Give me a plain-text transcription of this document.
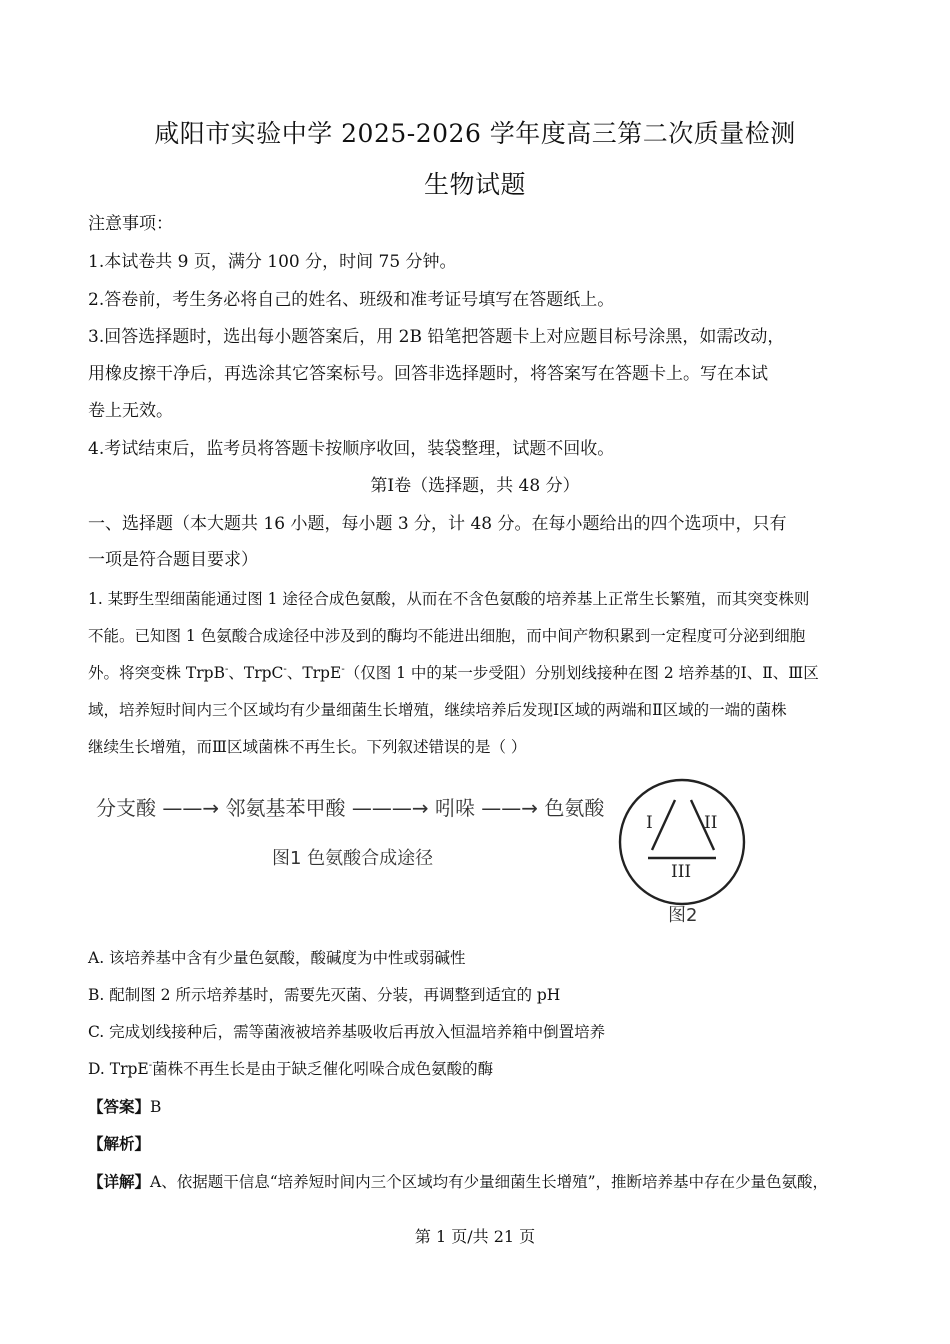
咸阳市实验中学 2025-2026 学年度高三第二次质量检测
生物试题
注意事项：
1.本试卷共 9 页，满分 100 分，时间 75 分钟。
2.答卷前，考生务必将自己的姓名、班级和准考证号填写在答题纸上。
3.回答选择题时，选出每小题答案后，用 2B 铅笔把答题卡上对应题目标号涂黑，如需改动，
用橡皮擦干净后，再选涂其它答案标号。回答非选择题时，将答案写在答题卡上。写在本试
卷上无效。
4.考试结束后，监考员将答题卡按顺序收回，装袋整理，试题不回收。
第Ⅰ卷（选择题，共 48 分）
一、选择题（本大题共 16 小题，每小题 3 分，计 48 分。在每小题给出的四个选项中，只有
一项是符合题目要求）
1. 某野生型细菌能通过图 1 途径合成色氨酸，从而在不含色氨酸的培养基上正常生长繁殖，而其突变株则
不能。已知图 1 色氨酸合成途径中涉及到的酶均不能进出细胞，而中间产物积累到一定程度可分泌到细胞
外。将突变株 TrpB-、TrpC-、TrpE-（仅图 1 中的某一步受阻）分别划线接种在图 2 培养基的Ⅰ、Ⅱ、Ⅲ区
域，培养短时间内三个区域均有少量细菌生长增殖，继续培养后发现Ⅰ区域的两端和Ⅱ区域的一端的菌株
继续生长增殖，而Ⅲ区域菌株不再生长。下列叙述错误的是（ ）
分支酸 ——→ 邻氨基苯甲酸 ———→ 吲哚 ——→ 色氨酸
图1 色氨酸合成途径
I	II
III
图2
A. 该培养基中含有少量色氨酸，酸碱度为中性或弱碱性
B. 配制图 2 所示培养基时，需要先灭菌、分装，再调整到适宜的 pH
C. 完成划线接种后，需等菌液被培养基吸收后再放入恒温培养箱中倒置培养
D. TrpE-菌株不再生长是由于缺乏催化吲哚合成色氨酸的酶
【答案】B
【解析】
【详解】A、依据题干信息“培养短时间内三个区域均有少量细菌生长增殖”，推断培养基中存在少量色氨酸，
第 1 页/共 21 页
